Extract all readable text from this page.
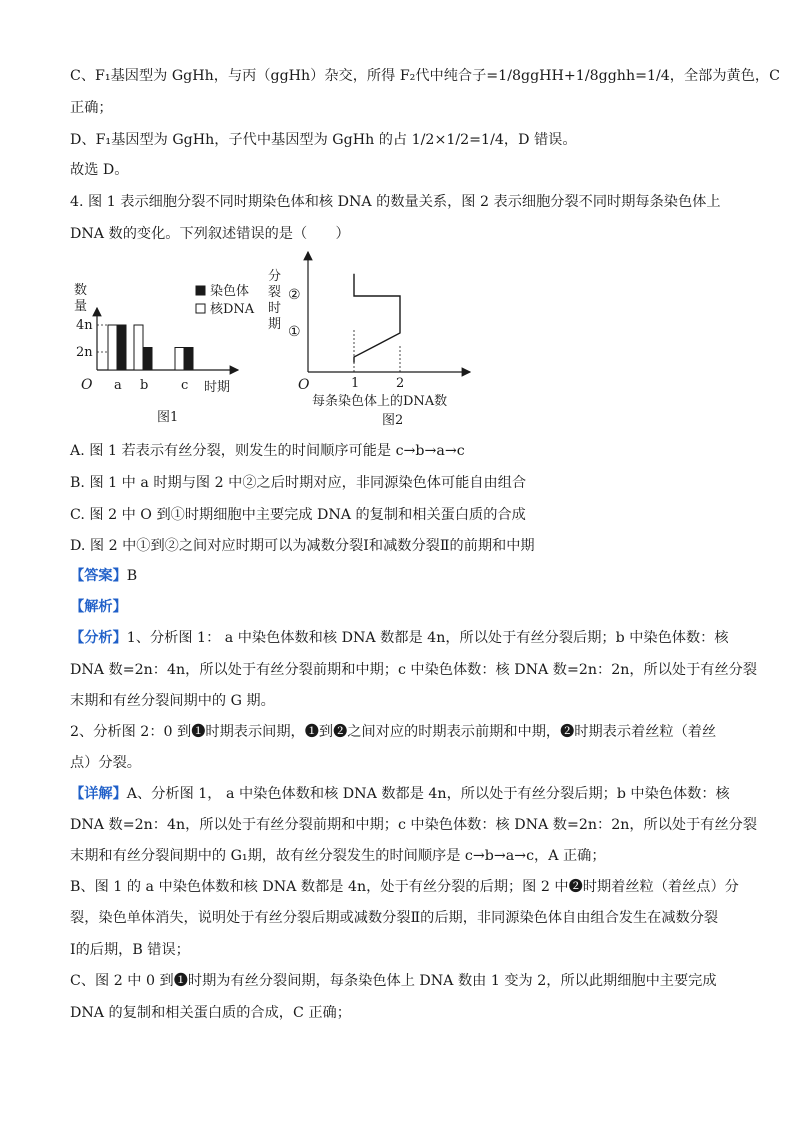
C、F₁基因型为 GgHh，与丙（ggHh）杂交，所得 F₂代中纯合子=1/8ggHH+1/8gghh=1/4，全部为黄色，C
正确；
D、F₁基因型为 GgHh，子代中基因型为 GgHh 的占 1/2×1/2=1/4，D 错误。
故选 D。
4. 图 1 表示细胞分裂不同时期染色体和核 DNA 的数量关系，图 2 表示细胞分裂不同时期每条染色体上
DNA 数的变化。下列叙述错误的是（　　）
A. 图 1 若表示有丝分裂，则发生的时间顺序可能是 c→b→a→c
B. 图 1 中 a 时期与图 2 中②之后时期对应，非同源染色体可能自由组合
C. 图 2 中 O 到①时期细胞中主要完成 DNA 的复制和相关蛋白质的合成
D. 图 2 中①到②之间对应时期可以为减数分裂Ⅰ和减数分裂Ⅱ的前期和中期
【答案】B
【解析】
【分析】1、分析图 1： a 中染色体数和核 DNA 数都是 4n，所以处于有丝分裂后期；b 中染色体数：核
DNA 数=2n：4n，所以处于有丝分裂前期和中期；c 中染色体数：核 DNA 数=2n：2n，所以处于有丝分裂
末期和有丝分裂间期中的 G 期。
2、分析图 2：0 到❶时期表示间期，❶到❷之间对应的时期表示前期和中期，❷时期表示着丝粒（着丝
点）分裂。
【详解】A、分析图 1， a 中染色体数和核 DNA 数都是 4n，所以处于有丝分裂后期；b 中染色体数：核
DNA 数=2n：4n，所以处于有丝分裂前期和中期；c 中染色体数：核 DNA 数=2n：2n，所以处于有丝分裂
末期和有丝分裂间期中的 G₁期，故有丝分裂发生的时间顺序是 c→b→a→c，A 正确；
B、图 1 的 a 中染色体数和核 DNA 数都是 4n，处于有丝分裂的后期；图 2 中❷时期着丝粒（着丝点）分
裂，染色单体消失，说明处于有丝分裂后期或减数分裂Ⅱ的后期，非同源染色体自由组合发生在减数分裂
Ⅰ的后期，B 错误；
C、图 2 中 0 到❶时期为有丝分裂间期，每条染色体上 DNA 数由 1 变为 2，所以此期细胞中主要完成
DNA 的复制和相关蛋白质的合成，C 正确；
数
量
4n
2n
O	时期
染色体
核DNA
图1
a b	c
分
裂
时
期
②
①
O	1	2
每条染色体上的DNA数
图2
